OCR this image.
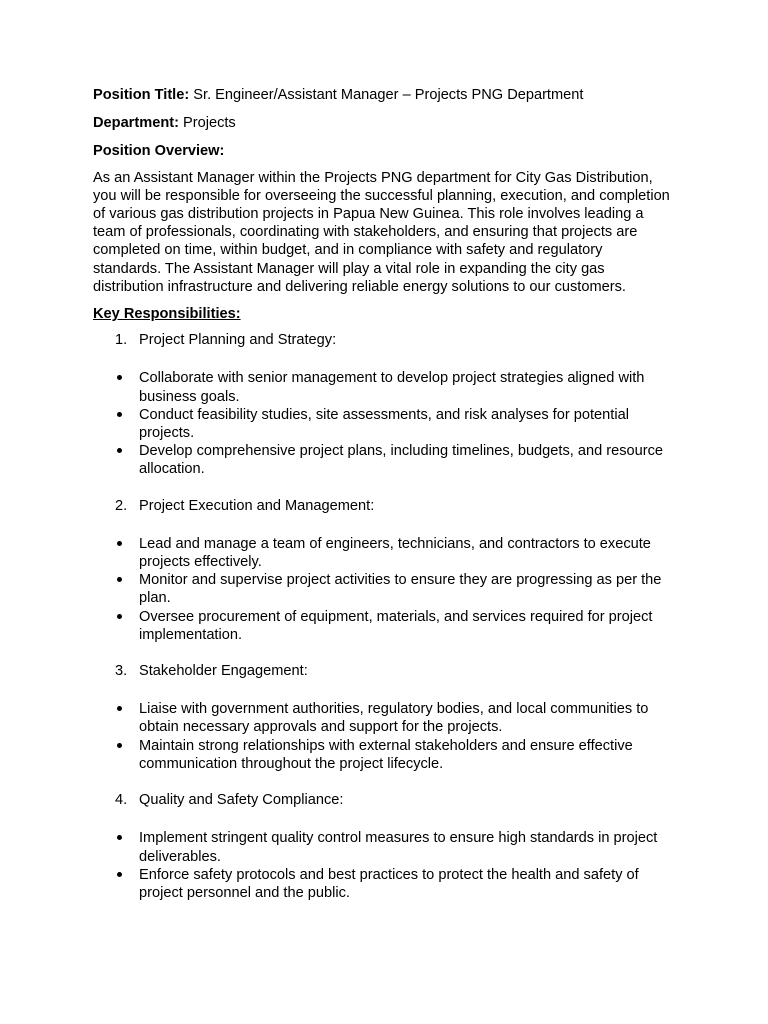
Position Title: Sr. Engineer/Assistant Manager – Projects PNG Department

Department: Projects

Position Overview:

As an Assistant Manager within the Projects PNG department for City Gas Distribution, you will be responsible for overseeing the successful planning, execution, and completion of various gas distribution projects in Papua New Guinea. This role involves leading a team of professionals, coordinating with stakeholders, and ensuring that projects are completed on time, within budget, and in compliance with safety and regulatory standards. The Assistant Manager will play a vital role in expanding the city gas distribution infrastructure and delivering reliable energy solutions to our customers.

Key Responsibilities:

1. Project Planning and Strategy:
Collaborate with senior management to develop project strategies aligned with business goals.
Conduct feasibility studies, site assessments, and risk analyses for potential projects.
Develop comprehensive project plans, including timelines, budgets, and resource allocation.
2. Project Execution and Management:
Lead and manage a team of engineers, technicians, and contractors to execute projects effectively.
Monitor and supervise project activities to ensure they are progressing as per the plan.
Oversee procurement of equipment, materials, and services required for project implementation.
3. Stakeholder Engagement:
Liaise with government authorities, regulatory bodies, and local communities to obtain necessary approvals and support for the projects.
Maintain strong relationships with external stakeholders and ensure effective communication throughout the project lifecycle.
4. Quality and Safety Compliance:
Implement stringent quality control measures to ensure high standards in project deliverables.
Enforce safety protocols and best practices to protect the health and safety of project personnel and the public.
